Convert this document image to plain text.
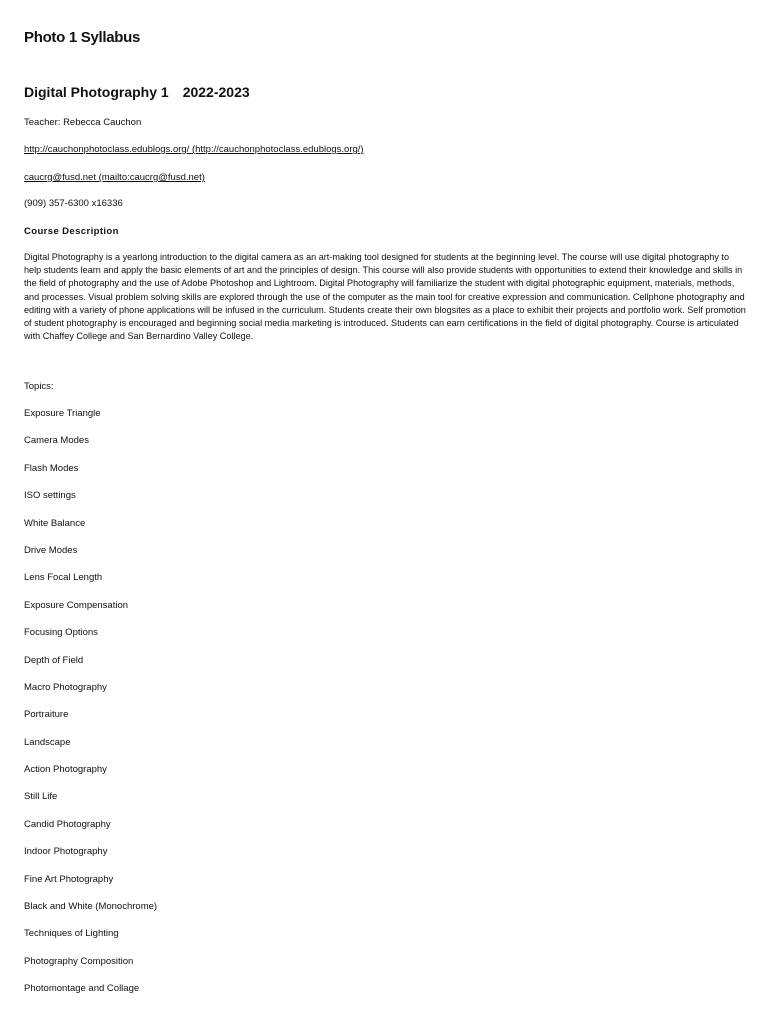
Photo 1 Syllabus
Digital Photography 1 2022-2023
Teacher: Rebecca Cauchon
http://cauchonphotoclass.edublogs.org/ (http://cauchonphotoclass.edublogs.org/)
caucrg@fusd.net (mailto:caucrg@fusd.net)
(909) 357-6300 x16336
Course Description
Digital Photography is a yearlong introduction to the digital camera as an art-making tool designed for students at the beginning level. The course will use digital photography to help students learn and apply the basic elements of art and the principles of design. This course will also provide students with opportunities to extend their knowledge and skills in the field of photography and the use of Adobe Photoshop and Lightroom. Digital Photography will familiarize the student with digital photographic equipment, materials, methods, and processes. Visual problem solving skills are explored through the use of the computer as the main tool for creative expression and communication. Cellphone photography and editing with a variety of phone applications will be infused in the curriculum. Students create their own blogsites as a place to exhibit their projects and portfolio work. Self promotion of student photography is encouraged and beginning social media marketing is introduced. Students can earn certifications in the field of digital photography. Course is articulated with Chaffey College and San Bernardino Valley College.
Topics:
Exposure Triangle
Camera Modes
Flash Modes
ISO settings
White Balance
Drive Modes
Lens Focal Length
Exposure Compensation
Focusing Options
Depth of Field
Macro Photography
Portraiture
Landscape
Action Photography
Still Life
Candid Photography
Indoor Photography
Fine Art Photography
Black and White (Monochrome)
Techniques of Lighting
Photography Composition
Photomontage and Collage
